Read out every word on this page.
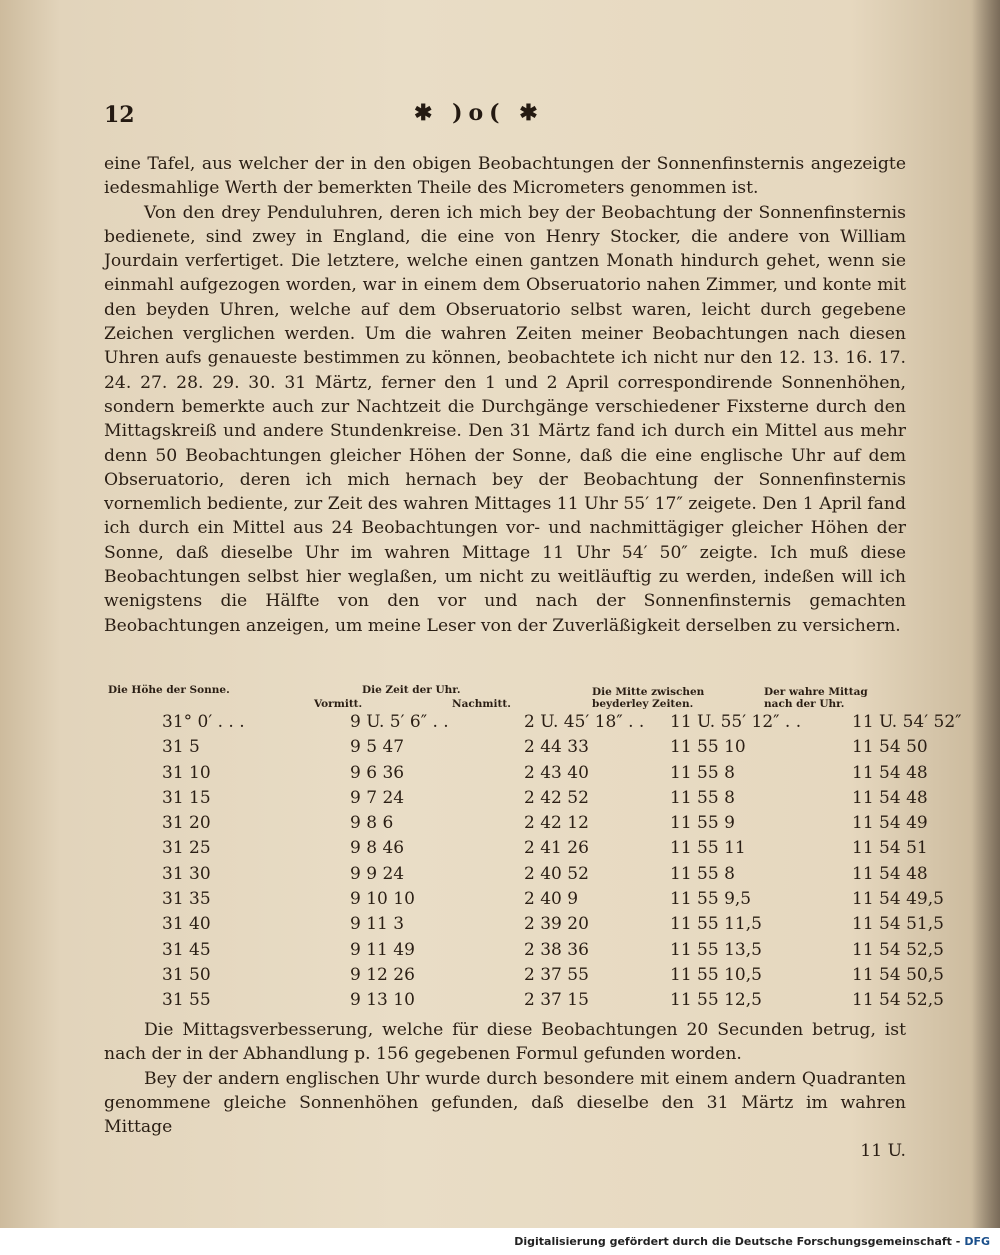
12	✱ )o( ✱

eine Tafel, aus welcher der in den obigen Beobachtungen der Sonnenfinsternis angezeigte iedesmahlige Werth der bemerkten Theile des Micrometers genommen ist.

Von den drey Penduluhren, deren ich mich bey der Beobachtung der Sonnenfinsternis bedienete, sind zwey in England, die eine von Henry Stocker, die andere von William Jourdain verfertiget. Die letztere, welche einen gantzen Monath hindurch gehet, wenn sie einmahl aufgezogen worden, war in einem dem Obseruatorio nahen Zimmer, und konte mit den beyden Uhren, welche auf dem Obseruatorio selbst waren, leicht durch gegebene Zeichen verglichen werden. Um die wahren Zeiten meiner Beobachtungen nach diesen Uhren aufs genaueste bestimmen zu können, beobachtete ich nicht nur den 12. 13. 16. 17. 24. 27. 28. 29. 30. 31 Märtz, ferner den 1 und 2 April correspondirende Sonnenhöhen, sondern bemerkte auch zur Nachtzeit die Durchgänge verschiedener Fixsterne durch den Mittagskreiß und andere Stundenkreise. Den 31 Märtz fand ich durch ein Mittel aus mehr denn 50 Beobachtungen gleicher Höhen der Sonne, daß die eine englische Uhr auf dem Obseruatorio, deren ich mich hernach bey der Beobachtung der Sonnenfinsternis vornemlich bediente, zur Zeit des wahren Mittages 11 Uhr 55′ 17″ zeigete. Den 1 April fand ich durch ein Mittel aus 24 Beobachtungen vor- und nachmittägiger gleicher Höhen der Sonne, daß dieselbe Uhr im wahren Mittage 11 Uhr 54′ 50″ zeigte. Ich muß diese Beobachtungen selbst hier weglaßen, um nicht zu weitläuftig zu werden, indeßen will ich wenigstens die Hälfte von den vor und nach der Sonnenfinsternis gemachten Beobachtungen anzeigen, um meine Leser von der Zuverläßigkeit derselben zu versichern.

Die Höhe der Sonne.	Die Zeit der Uhr.
Vormitt.	Nachmitt.
Die Mitte zwischen beyderley Zeiten.
Der wahre Mittag nach der Uhr.
31° 0′ . . .	9 U. 5′ 6″ . .	2 U. 45′ 18″ . . 11 U. 55′ 12″ . .	11 U. 54′ 52″
31 5	9 5 47	2 44 33	11 55 10	11 54 50
31 10	9 6 36	2 43 40	11 55 8	11 54 48
31 15	9 7 24	2 42 52	11 55 8	11 54 48
31 20	9 8 6	2 42 12	11 55 9	11 54 49
31 25	9 8 46	2 41 26	11 55 11	11 54 51
31 30	9 9 24	2 40 52	11 55 8	11 54 48
31 35	9 10 10	2 40 9	11 55 9,5	11 54 49,5
31 40	9 11 3	2 39 20	11 55 11,5	11 54 51,5
31 45	9 11 49	2 38 36	11 55 13,5	11 54 52,5
31 50	9 12 26	2 37 55	11 55 10,5	11 54 50,5
31 55	9 13 10	2 37 15	11 55 12,5	11 54 52,5

Die Mittagsverbesserung, welche für diese Beobachtungen 20 Secunden betrug, ist nach der in der Abhandlung p. 156 gegebenen Formul gefunden worden.

Bey der andern englischen Uhr wurde durch besondere mit einem andern Quadranten genommene gleiche Sonnenhöhen gefunden, daß dieselbe den 31 Märtz im wahren Mittage

11 U.

Digitalisierung gefördert durch die Deutsche Forschungsgemeinschaft - DFG
